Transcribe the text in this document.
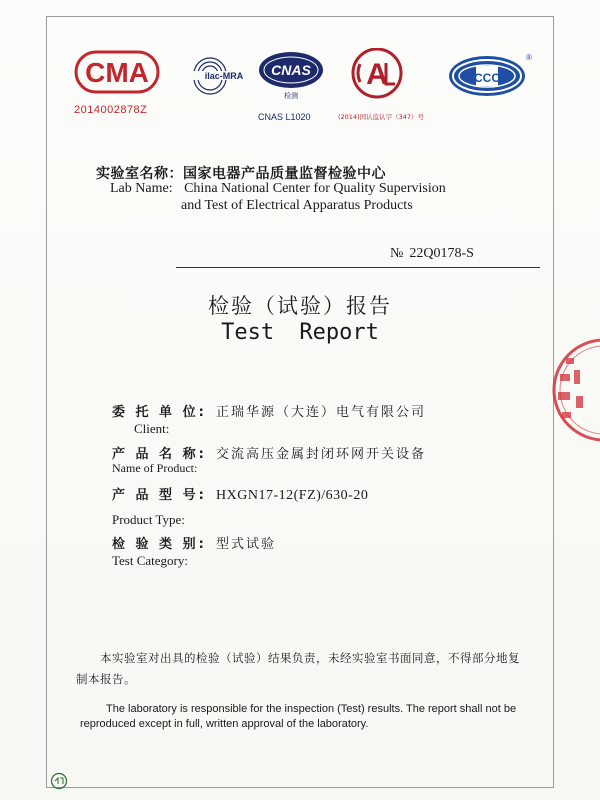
CMA	ilac-MRA CNAS
检测
A	CCC
®
2014002878Z
CNAS L1020	(2014)国认监认字（347）号
实验室名称：国家电器产品质量监督检验中心
Lab Name: China National Center for Quality Supervision
and Test of Electrical Apparatus Products
№ 22Q0178-S
检验（试验）报告
Test Report
委 托 单 位: 正瑞华源（大连）电气有限公司
Client:
产 品 名 称: 交流高压金属封闭环网开关设备
Name of Product:
产 品 型 号: HXGN17-12(FZ)/630-20
Product Type:
检 验 类 别: 型式试验
Test Category:
本实验室对出具的检验（试验）结果负责，未经实验室书面同意，不得部分地复制本报告。
The laboratory is responsible for the inspection (Test) results. The report shall not be reproduced except in full, written approval of the laboratory.
